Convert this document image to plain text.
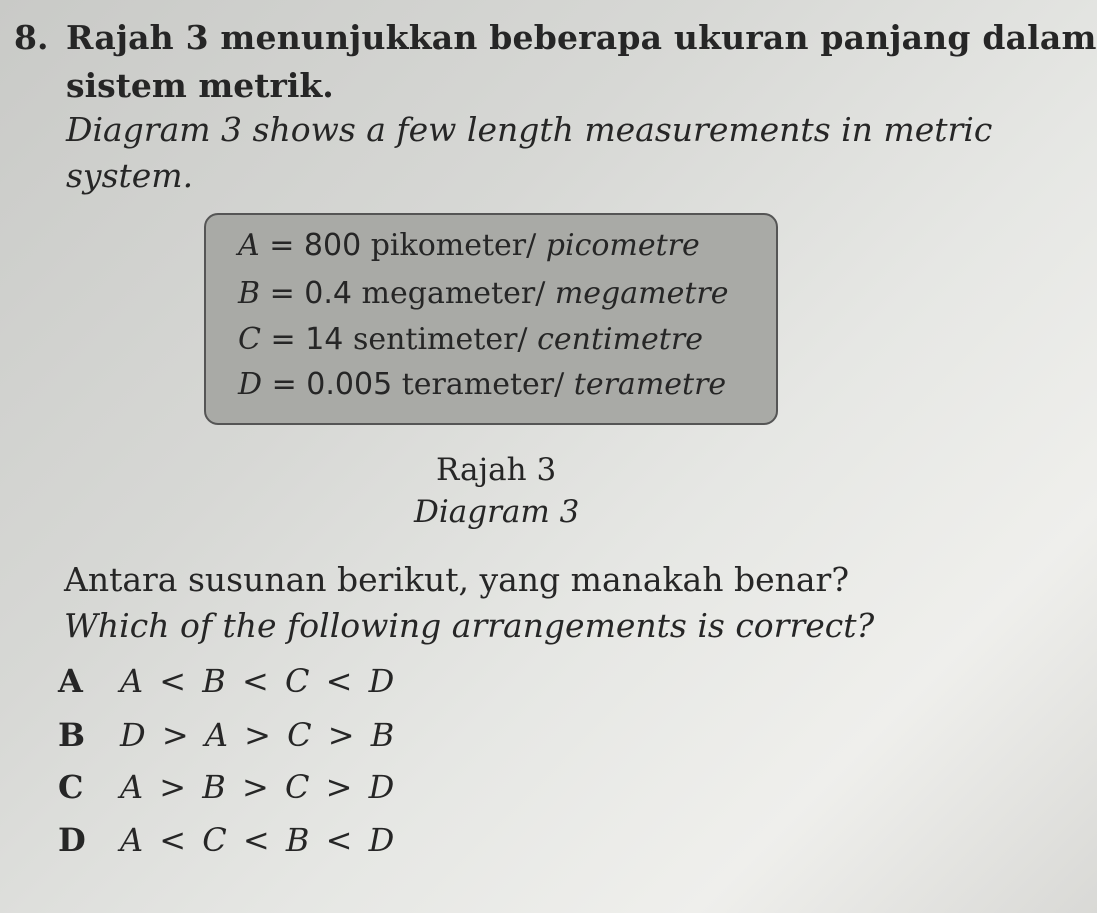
8. Rajah 3 menunjukkan beberapa ukuran panjang dalam
sistem metrik.
Diagram 3 shows a few length measurements in metric
system.
A = 800 pikometer/ picometre
B = 0.4 megameter/ megametre
C = 14 sentimeter/ centimetre
D = 0.005 terameter/ terametre
Rajah 3
Diagram 3
Antara susunan berikut, yang manakah benar?
Which of the following arrangements is correct?
A A < B < C < D
B D > A > C > B
C A > B > C > D
D A < C < B < D
